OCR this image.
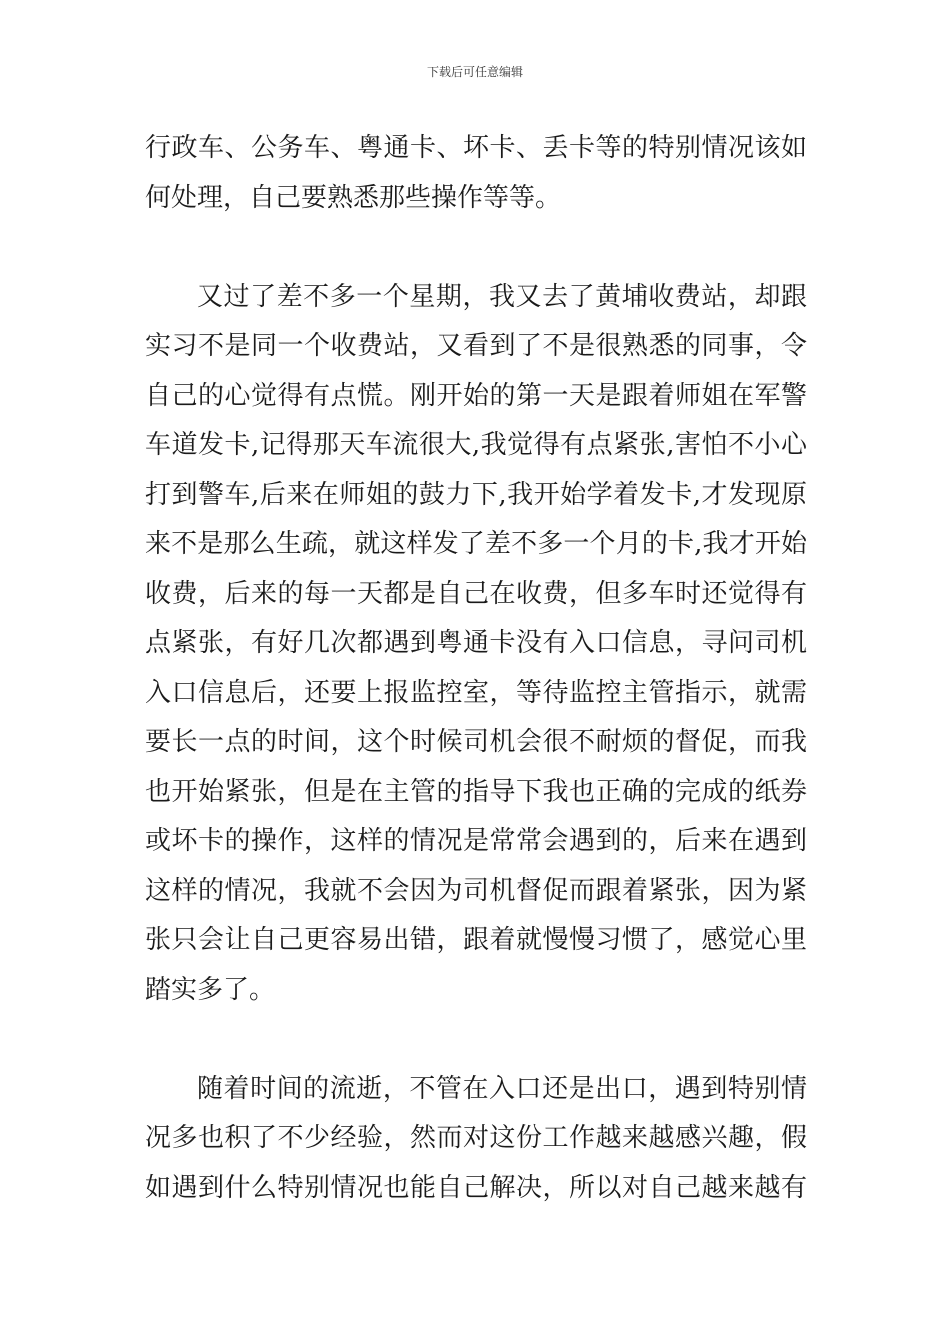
下载后可任意编辑
行政车、公务车、粤通卡、坏卡、丢卡等的特别情况该如
何处理，自己要熟悉那些操作等等。
又过了差不多一个星期，我又去了黄埔收费站，却跟
实习不是同一个收费站，又看到了不是很熟悉的同事，令
自己的心觉得有点慌。刚开始的第一天是跟着师姐在军警
车道发卡,记得那天车流很大,我觉得有点紧张,害怕不小心
打到警车,后来在师姐的鼓力下,我开始学着发卡,才发现原
来不是那么生疏，就这样发了差不多一个月的卡,我才开始
收费，后来的每一天都是自己在收费，但多车时还觉得有
点紧张，有好几次都遇到粤通卡没有入口信息，寻问司机
入口信息后，还要上报监控室，等待监控主管指示，就需
要长一点的时间，这个时候司机会很不耐烦的督促，而我
也开始紧张，但是在主管的指导下我也正确的完成的纸券
或坏卡的操作，这样的情况是常常会遇到的，后来在遇到
这样的情况，我就不会因为司机督促而跟着紧张，因为紧
张只会让自己更容易出错，跟着就慢慢习惯了，感觉心里
踏实多了。
随着时间的流逝，不管在入口还是出口，遇到特别情
况多也积了不少经验，然而对这份工作越来越感兴趣，假
如遇到什么特别情况也能自己解决，所以对自己越来越有
